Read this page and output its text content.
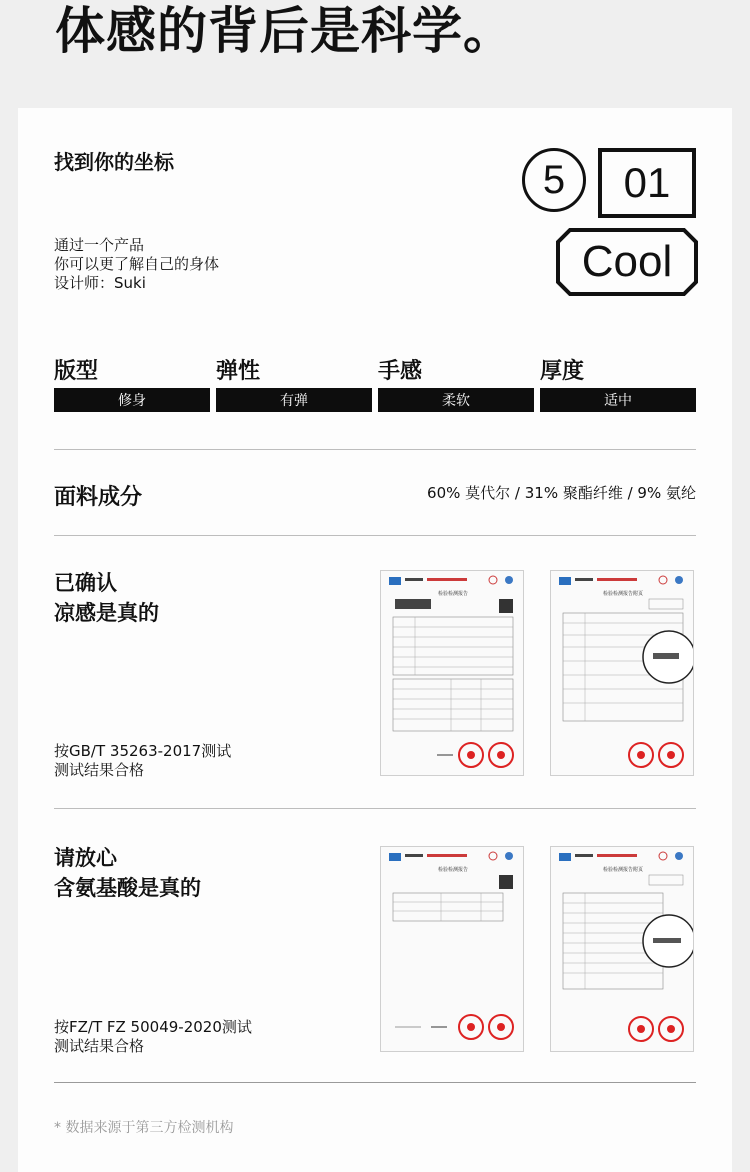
体感的背后是科学。
找到你的坐标
通过一个产品
你可以更了解自己的身体
设计师：Suki
5	01
Cool
版型	弹性	手感	厚度
修身	有弹	柔软	适中
面料成分	60% 莫代尔 / 31% 聚酯纤维 / 9% 氨纶
已确认
凉感是真的
按GB/T 35263-2017测试
测试结果合格
检验检测报告	检验检测报告附页
请放心
含氨基酸是真的
按FZ/T FZ 50049-2020测试
测试结果合格
检验检测报告	检验检测报告附页
* 数据来源于第三方检测机构
